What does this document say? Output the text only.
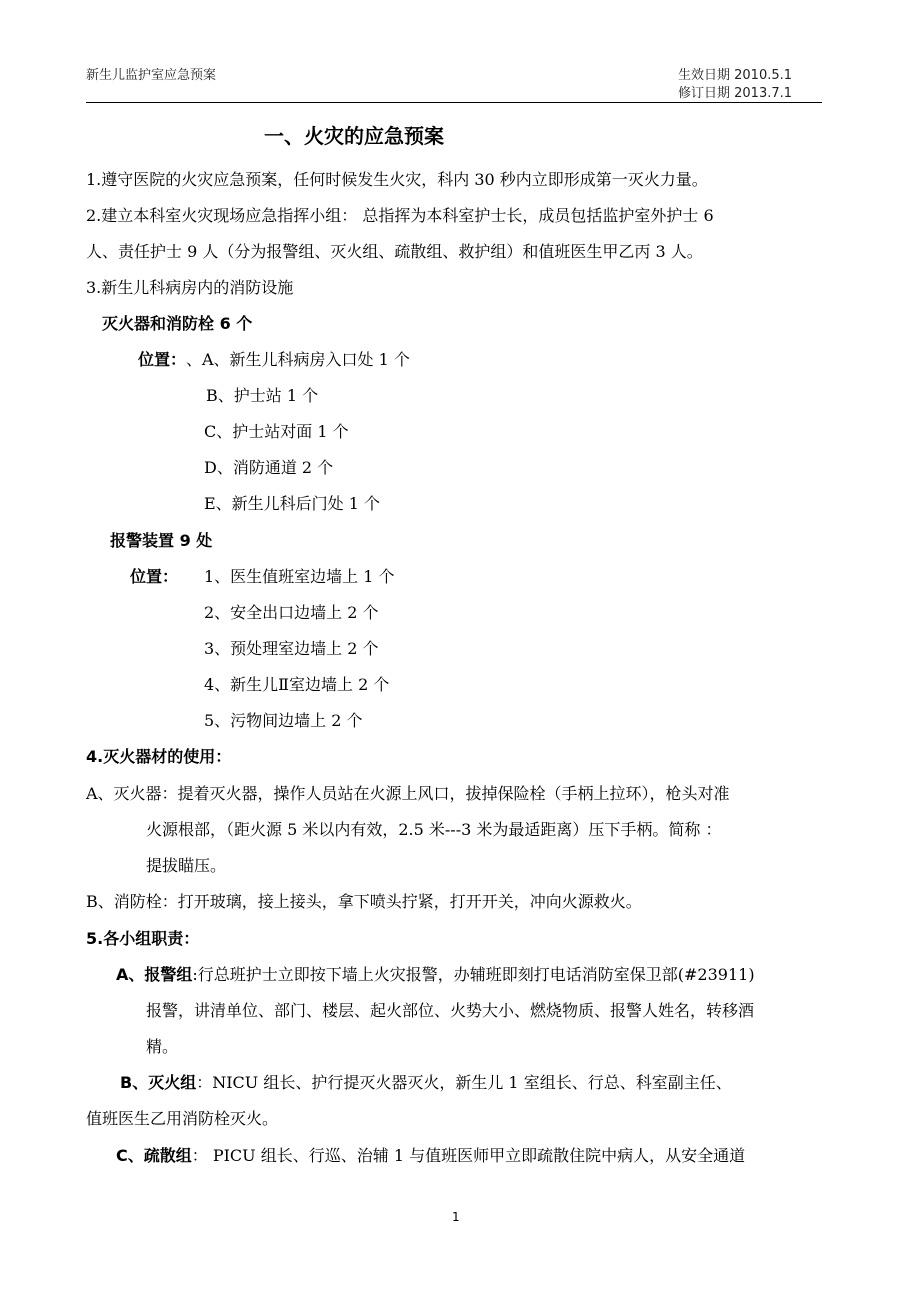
新生儿监护室应急预案	生效日期 2010.5.1
修订日期 2013.7.1
一、火灾的应急预案
1.遵守医院的火灾应急预案，任何时候发生火灾，科内 30 秒内立即形成第一灭火力量。
2.建立本科室火灾现场应急指挥小组： 总指挥为本科室护士长，成员包括监护室外护士 6
人、责任护士 9 人（分为报警组、灭火组、疏散组、救护组）和值班医生甲乙丙 3 人。
3.新生儿科病房内的消防设施
灭火器和消防栓 6 个
位置： 、A、新生儿科病房入口处 1 个
B、护士站 1 个
C、护士站对面 1 个
D、消防通道 2 个
E、新生儿科后门处 1 个
报警装置 9 处
位置： 1、医生值班室边墙上 1 个
2、安全出口边墙上 2 个
3、预处理室边墙上 2 个
4、新生儿Ⅱ室边墙上 2 个
5、污物间边墙上 2 个
4.灭火器材的使用：
A、灭火器：提着灭火器，操作人员站在火源上风口，拔掉保险栓（手柄上拉环），枪头对准
火源根部，（距火源 5 米以内有效，2.5 米---3 米为最适距离）压下手柄。简称 ：
提拔瞄压。
B、消防栓：打开玻璃，接上接头，拿下喷头拧紧，打开开关，冲向火源救火。
5.各小组职责：
A、报警组:行总班护士立即按下墙上火灾报警，办辅班即刻打电话消防室保卫部(#23911)
报警，讲清单位、部门、楼层、起火部位、火势大小、燃烧物质、报警人姓名，转移酒
精。
B、灭火组：NICU 组长、护行提灭火器灭火，新生儿 1 室组长、行总、科室副主任、
值班医生乙用消防栓灭火。
C、疏散组： PICU 组长、行巡、治辅 1 与值班医师甲立即疏散住院中病人，从安全通道
1
